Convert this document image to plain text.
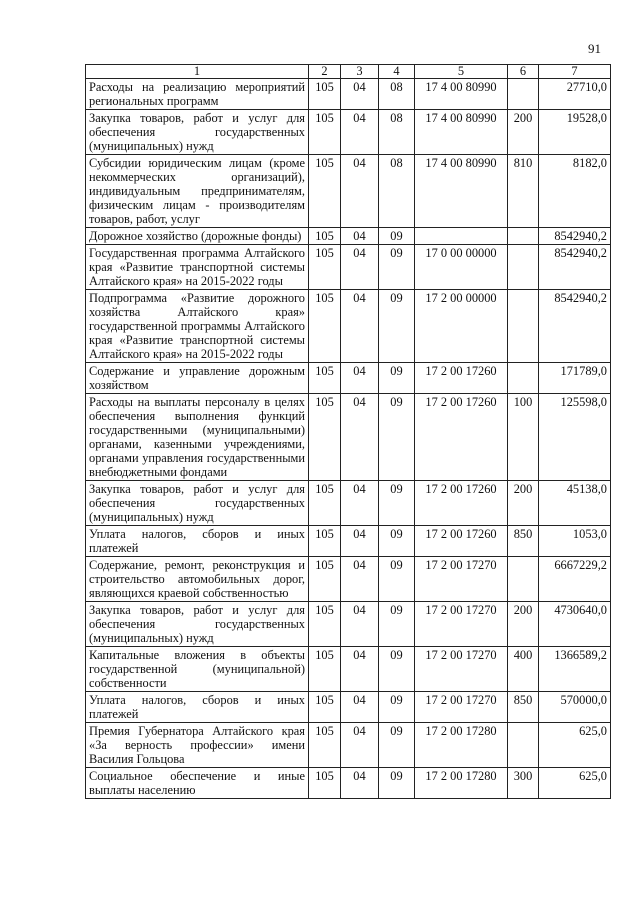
91
1	2	3	4	5	6	7
Расходы на реализацию мероприятий региональных программ	105	04	08	17 4 00 80990		27710,0
Закупка товаров, работ и услуг для обеспечения государственных (муниципальных) нужд	105	04	08	17 4 00 80990	200	19528,0
Субсидии юридическим лицам (кроме некоммерческих организаций), индивидуальным предпринимателям, физическим лицам - производителям товаров, работ, услуг	105	04	08	17 4 00 80990	810	8182,0
Дорожное хозяйство (дорожные фонды)	105	04	09			8542940,2
Государственная программа Алтайского края «Развитие транспортной системы Алтайского края» на 2015-2022 годы	105	04	09	17 0 00 00000		8542940,2
Подпрограмма «Развитие дорожного хозяйства Алтайского края» государственной программы Алтайского края «Развитие транспортной системы Алтайского края» на 2015-2022 годы	105	04	09	17 2 00 00000		8542940,2
Содержание и управление дорожным хозяйством	105	04	09	17 2 00 17260		171789,0
Расходы на выплаты персоналу в целях обеспечения выполнения функций государственными (муниципальными) органами, казенными учреждениями, органами управления государственными внебюджетными фондами	105	04	09	17 2 00 17260	100	125598,0
Закупка товаров, работ и услуг для обеспечения государственных (муниципальных) нужд	105	04	09	17 2 00 17260	200	45138,0
Уплата налогов, сборов и иных платежей	105	04	09	17 2 00 17260	850	1053,0
Содержание, ремонт, реконструкция и строительство автомобильных дорог, являющихся краевой собственностью	105	04	09	17 2 00 17270		6667229,2
Закупка товаров, работ и услуг для обеспечения государственных (муниципальных) нужд	105	04	09	17 2 00 17270	200	4730640,0
Капитальные вложения в объекты государственной (муниципальной) собственности	105	04	09	17 2 00 17270	400	1366589,2
Уплата налогов, сборов и иных платежей	105	04	09	17 2 00 17270	850	570000,0
Премия Губернатора Алтайского края «За верность профессии» имени Василия Гольцова	105	04	09	17 2 00 17280		625,0
Социальное обеспечение и иные выплаты населению	105	04	09	17 2 00 17280	300	625,0
